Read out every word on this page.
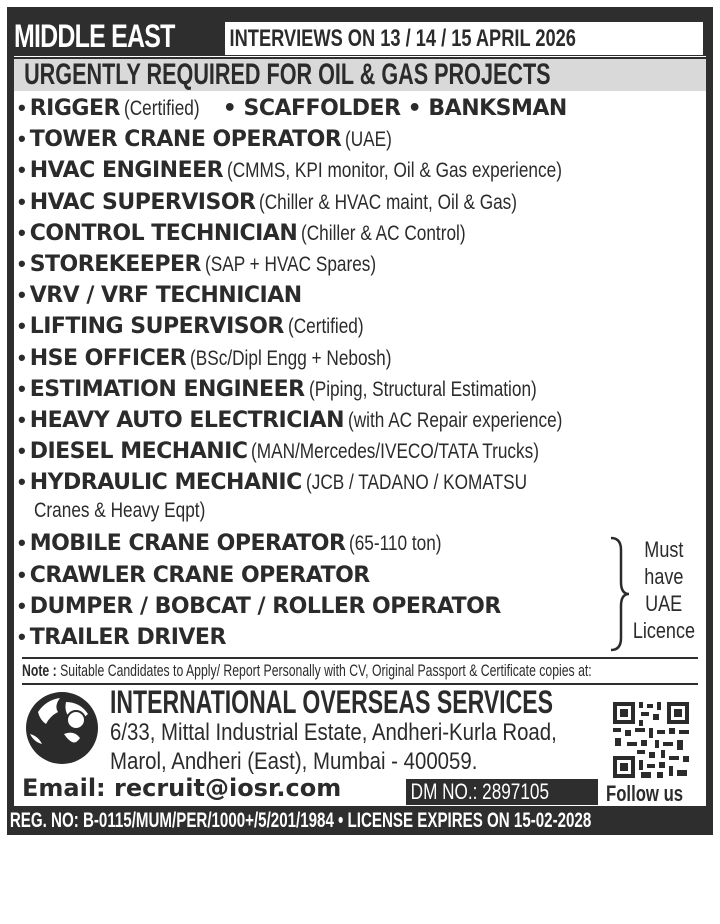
MIDDLE EAST INTERVIEWS ON 13 / 14 / 15 APRIL 2026
URGENTLY REQUIRED FOR OIL & GAS PROJECTS
• RIGGER (Certified) • SCAFFOLDER • BANKSMAN
• TOWER CRANE OPERATOR (UAE)
• HVAC ENGINEER (CMMS, KPI monitor, Oil & Gas experience)
• HVAC SUPERVISOR (Chiller & HVAC maint, Oil & Gas)
• CONTROL TECHNICIAN (Chiller & AC Control)
• STOREKEEPER (SAP + HVAC Spares)
• VRV / VRF TECHNICIAN
• LIFTING SUPERVISOR (Certified)
• HSE OFFICER (BSc/Dipl Engg + Nebosh)
• ESTIMATION ENGINEER (Piping, Structural Estimation)
• HEAVY AUTO ELECTRICIAN (with AC Repair experience)
• DIESEL MECHANIC (MAN/Mercedes/IVECO/TATA Trucks)
• HYDRAULIC MECHANIC (JCB / TADANO / KOMATSU
Cranes & Heavy Eqpt)
• MOBILE CRANE OPERATOR (65-110 ton)
• CRAWLER CRANE OPERATOR
• DUMPER / BOBCAT / ROLLER OPERATOR
• TRAILER DRIVER
Must
have
UAE
Licence
Note : Suitable Candidates to Apply/ Report Personally with CV, Original Passport & Certificate copies at:
INTERNATIONAL OVERSEAS SERVICES
6/33, Mittal Industrial Estate, Andheri-Kurla Road,
Marol, Andheri (East), Mumbai - 400059.
Email: recruit@iosr.com	DM NO.: 2897105	Follow us
REG. NO: B-0115/MUM/PER/1000+/5/201/1984 • LICENSE EXPIRES ON 15-02-2028
